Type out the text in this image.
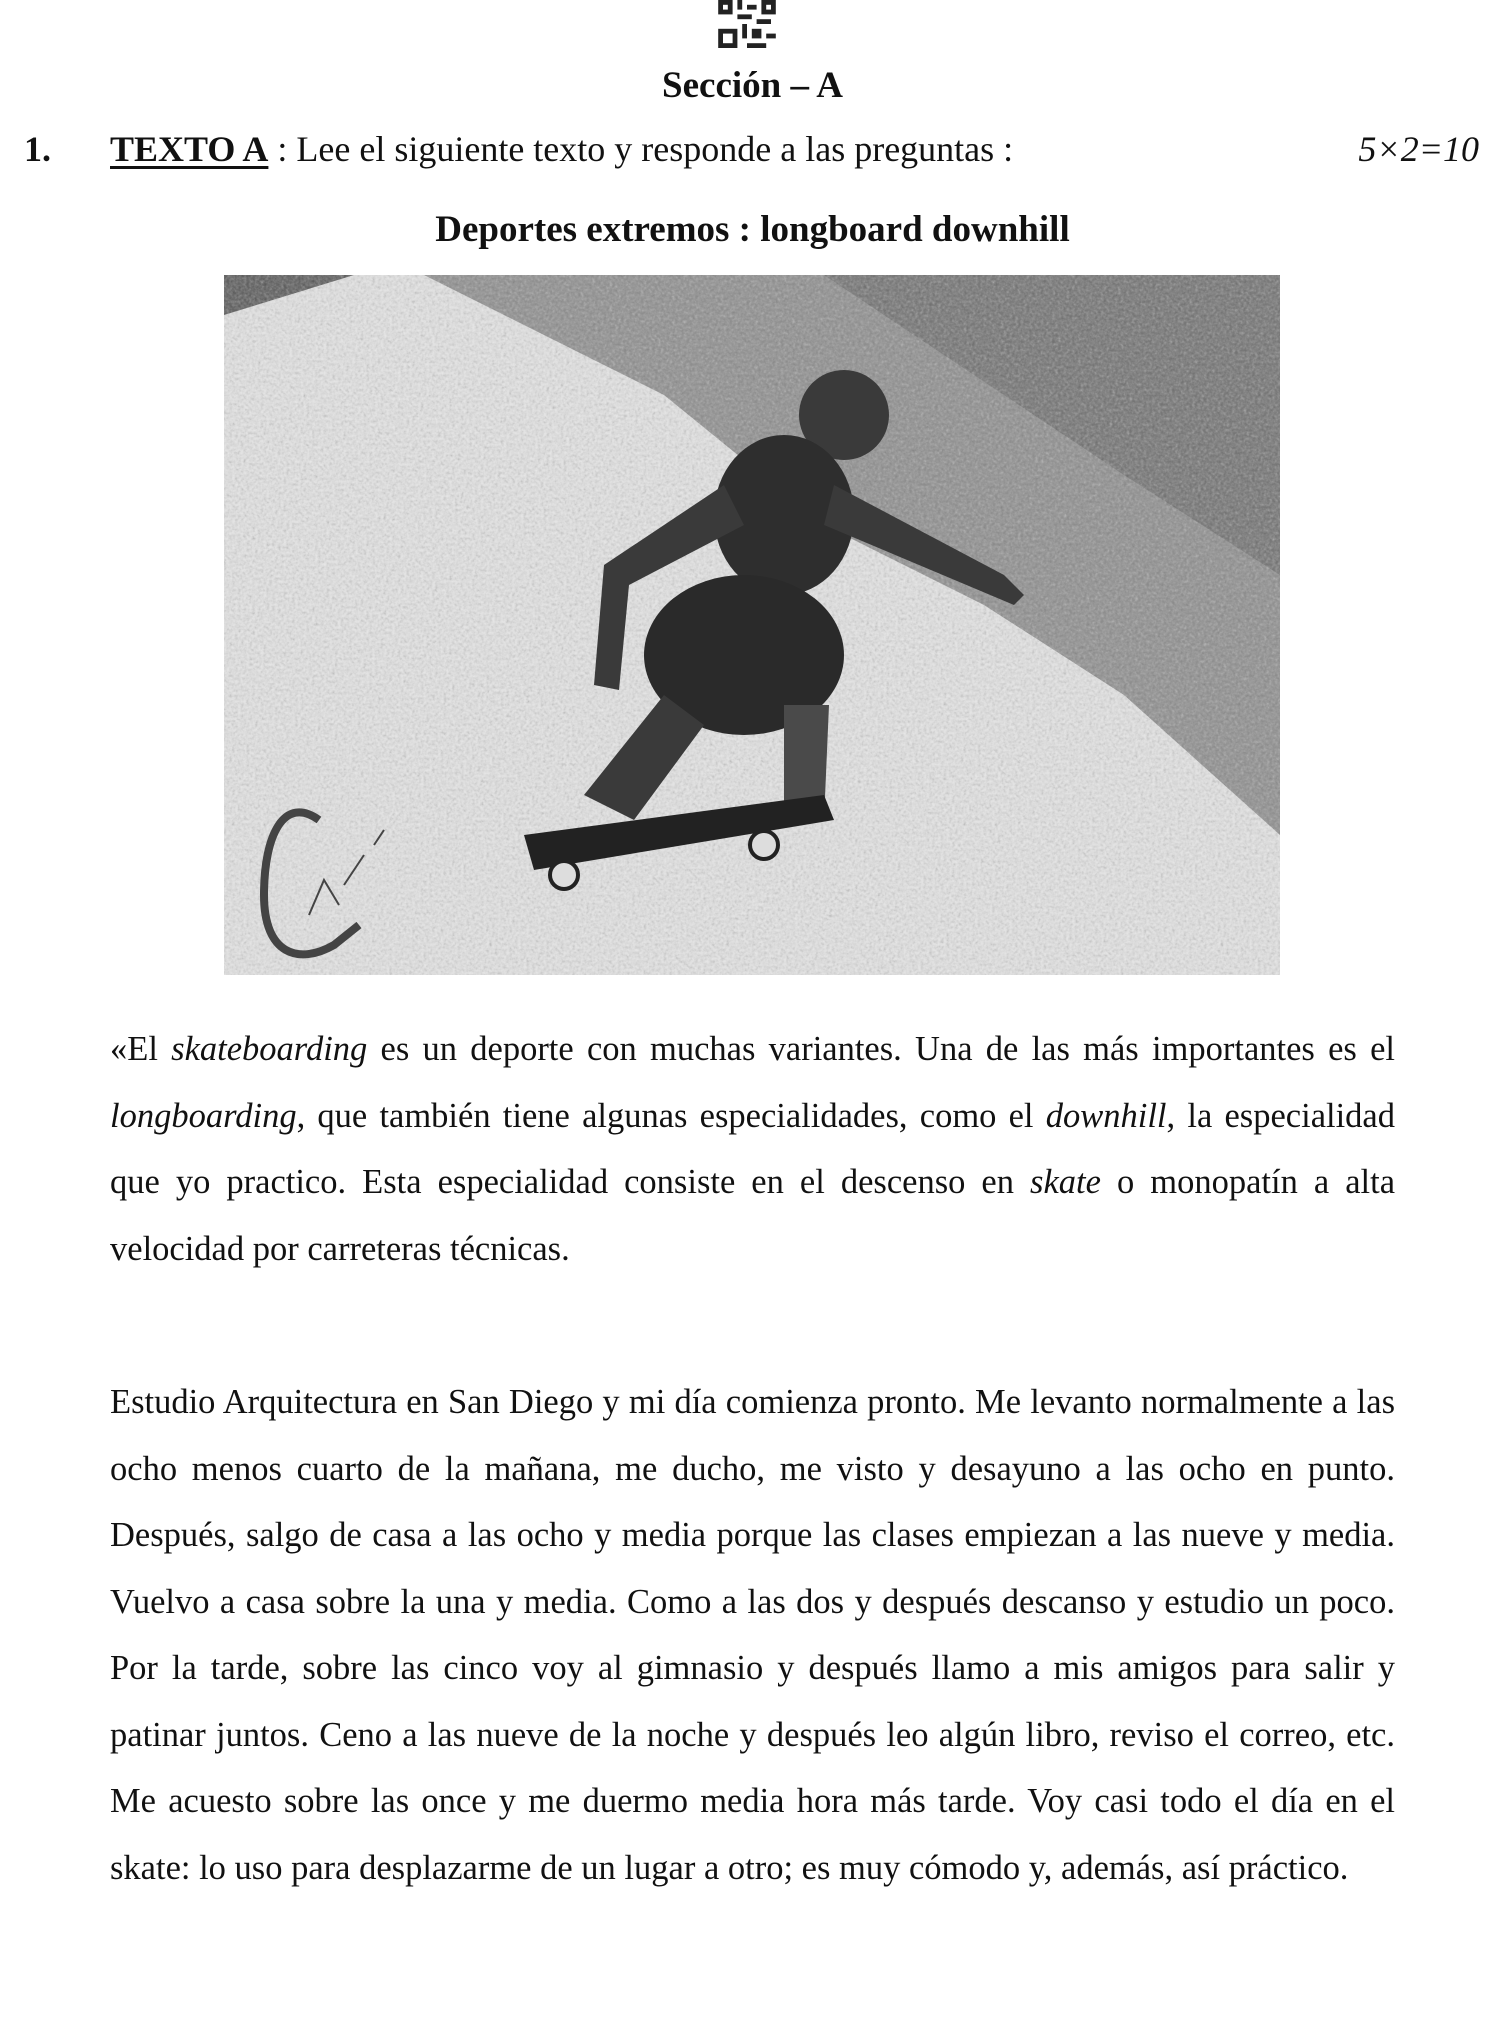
Sección – A
1. TEXTO A : Lee el siguiente texto y responde a las preguntas :	5×2=10
Deportes extremos : longboard downhill
«El skateboarding es un deporte con muchas variantes. Una de las más importantes es el longboarding, que también tiene algunas especialidades, como el downhill, la especialidad que yo practico. Esta especialidad consiste en el descenso en skate o monopatín a alta velocidad por carreteras técnicas.
Estudio Arquitectura en San Diego y mi día comienza pronto. Me levanto normalmente a las ocho menos cuarto de la mañana, me ducho, me visto y desayuno a las ocho en punto. Después, salgo de casa a las ocho y media porque las clases empiezan a las nueve y media. Vuelvo a casa sobre la una y media. Como a las dos y después descanso y estudio un poco. Por la tarde, sobre las cinco voy al gimnasio y después llamo a mis amigos para salir y patinar juntos. Ceno a las nueve de la noche y después leo algún libro, reviso el correo, etc. Me acuesto sobre las once y me duermo media hora más tarde. Voy casi todo el día en el skate: lo uso para desplazarme de un lugar a otro; es muy cómodo y, además, así práctico.
